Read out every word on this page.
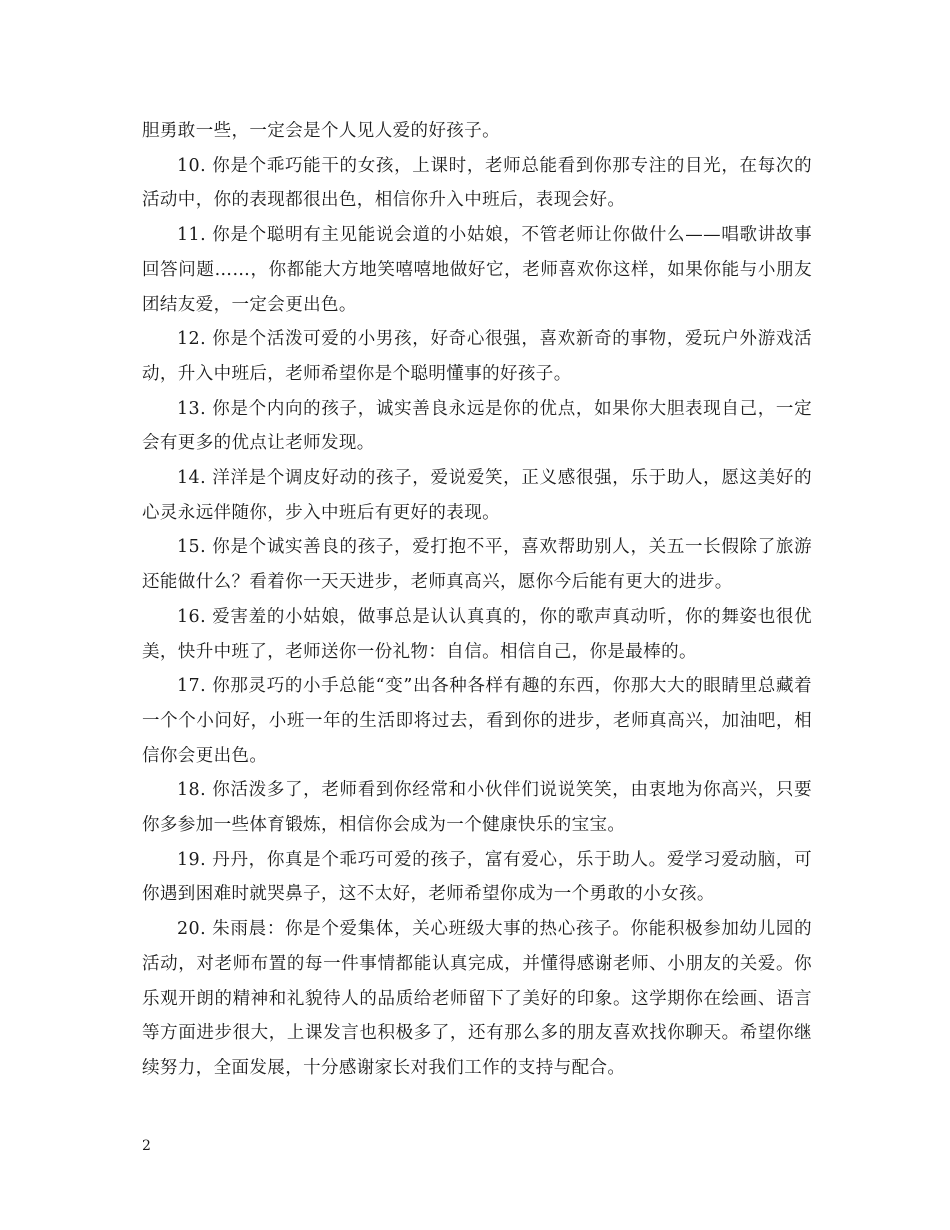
胆勇敢一些，一定会是个人见人爱的好孩子。

10. 你是个乖巧能干的女孩，上课时，老师总能看到你那专注的目光，在每次的活动中，你的表现都很出色，相信你升入中班后，表现会好。

11. 你是个聪明有主见能说会道的小姑娘，不管老师让你做什么——唱歌讲故事回答问题……，你都能大方地笑嘻嘻地做好它，老师喜欢你这样，如果你能与小朋友团结友爱，一定会更出色。

12. 你是个活泼可爱的小男孩，好奇心很强，喜欢新奇的事物，爱玩户外游戏活动，升入中班后，老师希望你是个聪明懂事的好孩子。

13. 你是个内向的孩子，诚实善良永远是你的优点，如果你大胆表现自己，一定会有更多的优点让老师发现。

14. 洋洋是个调皮好动的孩子，爱说爱笑，正义感很强，乐于助人，愿这美好的心灵永远伴随你，步入中班后有更好的表现。

15. 你是个诚实善良的孩子，爱打抱不平，喜欢帮助别人，关五一长假除了旅游 还能做什么？看着你一天天进步，老师真高兴，愿你今后能有更大的进步。

16. 爱害羞的小姑娘，做事总是认认真真的，你的歌声真动听，你的舞姿也很优美，快升中班了，老师送你一份礼物：自信。相信自己，你是最棒的。

17. 你那灵巧的小手总能“变”出各种各样有趣的东西，你那大大的眼睛里总藏着一个个小问好，小班一年的生活即将过去，看到你的进步，老师真高兴，加油吧，相信你会更出色。

18. 你活泼多了，老师看到你经常和小伙伴们说说笑笑，由衷地为你高兴，只要你多参加一些体育锻炼，相信你会成为一个健康快乐的宝宝。

19. 丹丹，你真是个乖巧可爱的孩子，富有爱心，乐于助人。爱学习爱动脑，可你遇到困难时就哭鼻子，这不太好，老师希望你成为一个勇敢的小女孩。

20. 朱雨晨：你是个爱集体，关心班级大事的热心孩子。你能积极参加幼儿园的活动，对老师布置的每一件事情都能认真完成，并懂得感谢老师、小朋友的关爱。你乐观开朗的精神和礼貌待人的品质给老师留下了美好的印象。这学期你在绘画、语言等方面进步很大，上课发言也积极多了，还有那么多的朋友喜欢找你聊天。希望你继续努力，全面发展，十分感谢家长对我们工作的支持与配合。

2
